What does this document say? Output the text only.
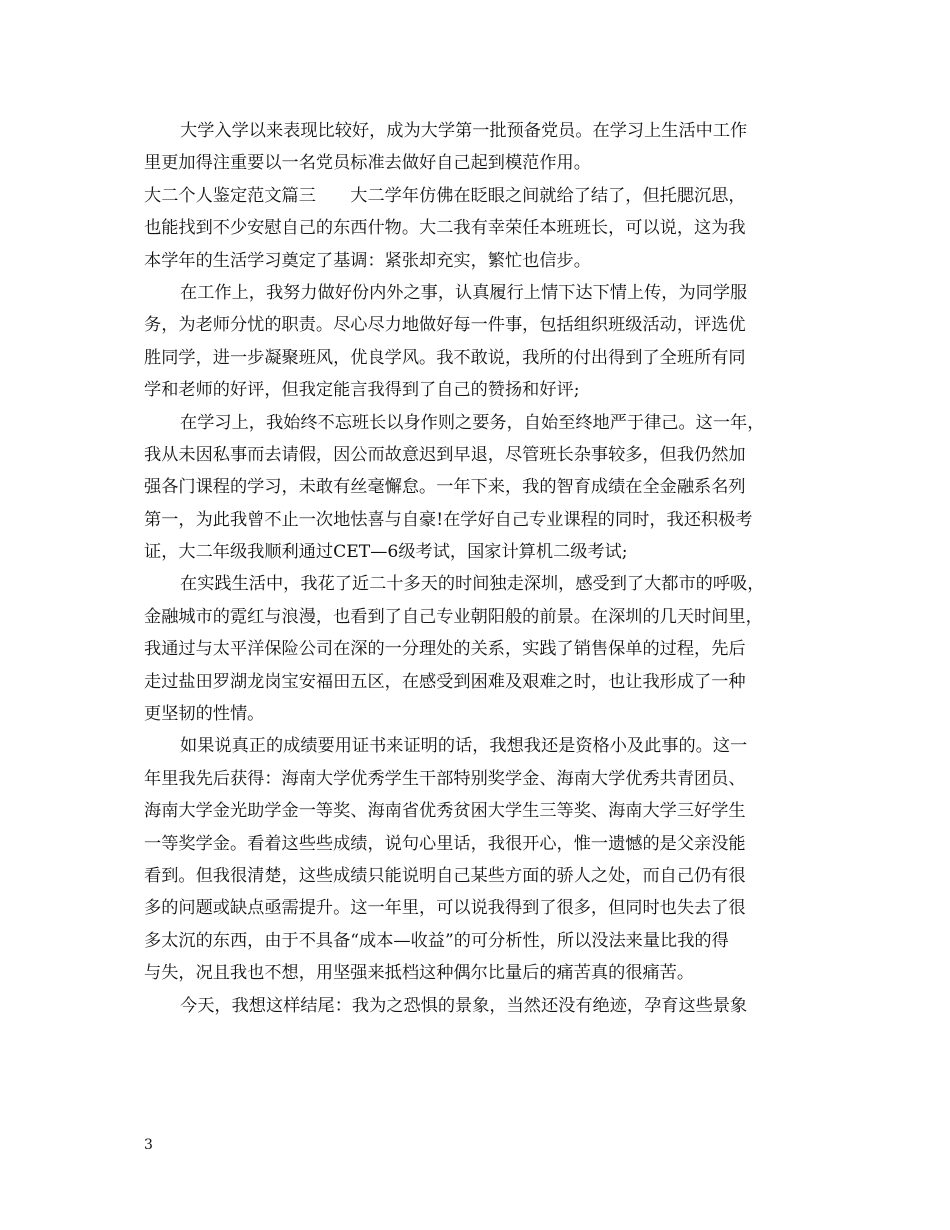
大学入学以来表现比较好，成为大学第一批预备党员。在学习上生活中工作
里更加得注重要以一名党员标准去做好自己起到模范作用。
大二个人鉴定范文篇三　　大二学年仿佛在眨眼之间就给了结了，但托腮沉思，
也能找到不少安慰自己的东西什物。大二我有幸荣任本班班长，可以说，这为我
本学年的生活学习奠定了基调：紧张却充实，繁忙也信步。
在工作上，我努力做好份内外之事，认真履行上情下达下情上传，为同学服
务，为老师分忧的职责。尽心尽力地做好每一件事，包括组织班级活动，评选优
胜同学，进一步凝聚班风，优良学风。我不敢说，我所的付出得到了全班所有同
学和老师的好评，但我定能言我得到了自己的赞扬和好评;
在学习上，我始终不忘班长以身作则之要务，自始至终地严于律己。这一年，
我从未因私事而去请假，因公而故意迟到早退，尽管班长杂事较多，但我仍然加
强各门课程的学习，未敢有丝毫懈怠。一年下来，我的智育成绩在全金融系名列
第一，为此我曾不止一次地怯喜与自豪!在学好自己专业课程的同时，我还积极考
证，大二年级我顺利通过CET—6级考试，国家计算机二级考试;
在实践生活中，我花了近二十多天的时间独走深圳，感受到了大都市的呼吸，
金融城市的霓红与浪漫，也看到了自己专业朝阳般的前景。在深圳的几天时间里，
我通过与太平洋保险公司在深的一分理处的关系，实践了销售保单的过程，先后
走过盐田罗湖龙岗宝安福田五区，在感受到困难及艰难之时，也让我形成了一种
更坚韧的性情。
如果说真正的成绩要用证书来证明的话，我想我还是资格小及此事的。这一
年里我先后获得：海南大学优秀学生干部特别奖学金、海南大学优秀共青团员、
海南大学金光助学金一等奖、海南省优秀贫困大学生三等奖、海南大学三好学生
一等奖学金。看着这些些成绩，说句心里话，我很开心，惟一遗憾的是父亲没能
看到。但我很清楚，这些成绩只能说明自己某些方面的骄人之处，而自己仍有很
多的问题或缺点亟需提升。这一年里，可以说我得到了很多，但同时也失去了很
多太沉的东西，由于不具备“成本—收益”的可分析性，所以没法来量比我的得
与失，况且我也不想，用坚强来抵档这种偶尔比量后的痛苦真的很痛苦。
今天，我想这样结尾：我为之恐惧的景象，当然还没有绝迹，孕育这些景象
3
